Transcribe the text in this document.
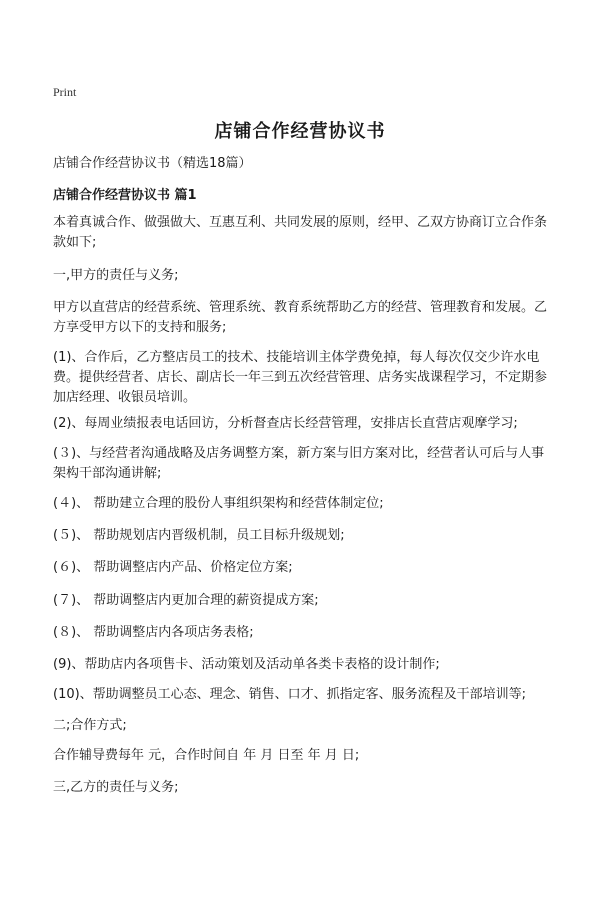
Print
店铺合作经营协议书
店铺合作经营协议书（精选18篇）
店铺合作经营协议书 篇1
本着真诚合作、做强做大、互惠互利、共同发展的原则，经甲、乙双方协商订立合作条款如下;
一,甲方的责任与义务;
甲方以直营店的经营系统、管理系统、教育系统帮助乙方的经营、管理教育和发展。乙方享受甲方以下的支持和服务;
(1)、合作后，乙方整店员工的技术、技能培训主体学费免掉，每人每次仅交少许水电费。提供经营者、店长、副店长一年三到五次经营管理、店务实战课程学习，不定期参加店经理、收银员培训。
(2)、每周业绩报表电话回访，分析督查店长经营管理，安排店长直营店观摩学习;
(３)、与经营者沟通战略及店务调整方案，新方案与旧方案对比，经营者认可后与人事架构干部沟通讲解;
(４)、 帮助建立合理的股份人事组织架构和经营体制定位;
(５)、 帮助规划店内晋级机制，员工目标升级规划;
(６)、 帮助调整店内产品、价格定位方案;
(７)、 帮助调整店内更加合理的薪资提成方案;
(８)、 帮助调整店内各项店务表格;
(9)、帮助店内各项售卡、活动策划及活动单各类卡表格的设计制作;
(10)、帮助调整员工心态、理念、销售、口才、抓指定客、服务流程及干部培训等;
二;合作方式;
合作辅导费每年 元，合作时间自 年 月 日至 年 月 日;
三,乙方的责任与义务;
